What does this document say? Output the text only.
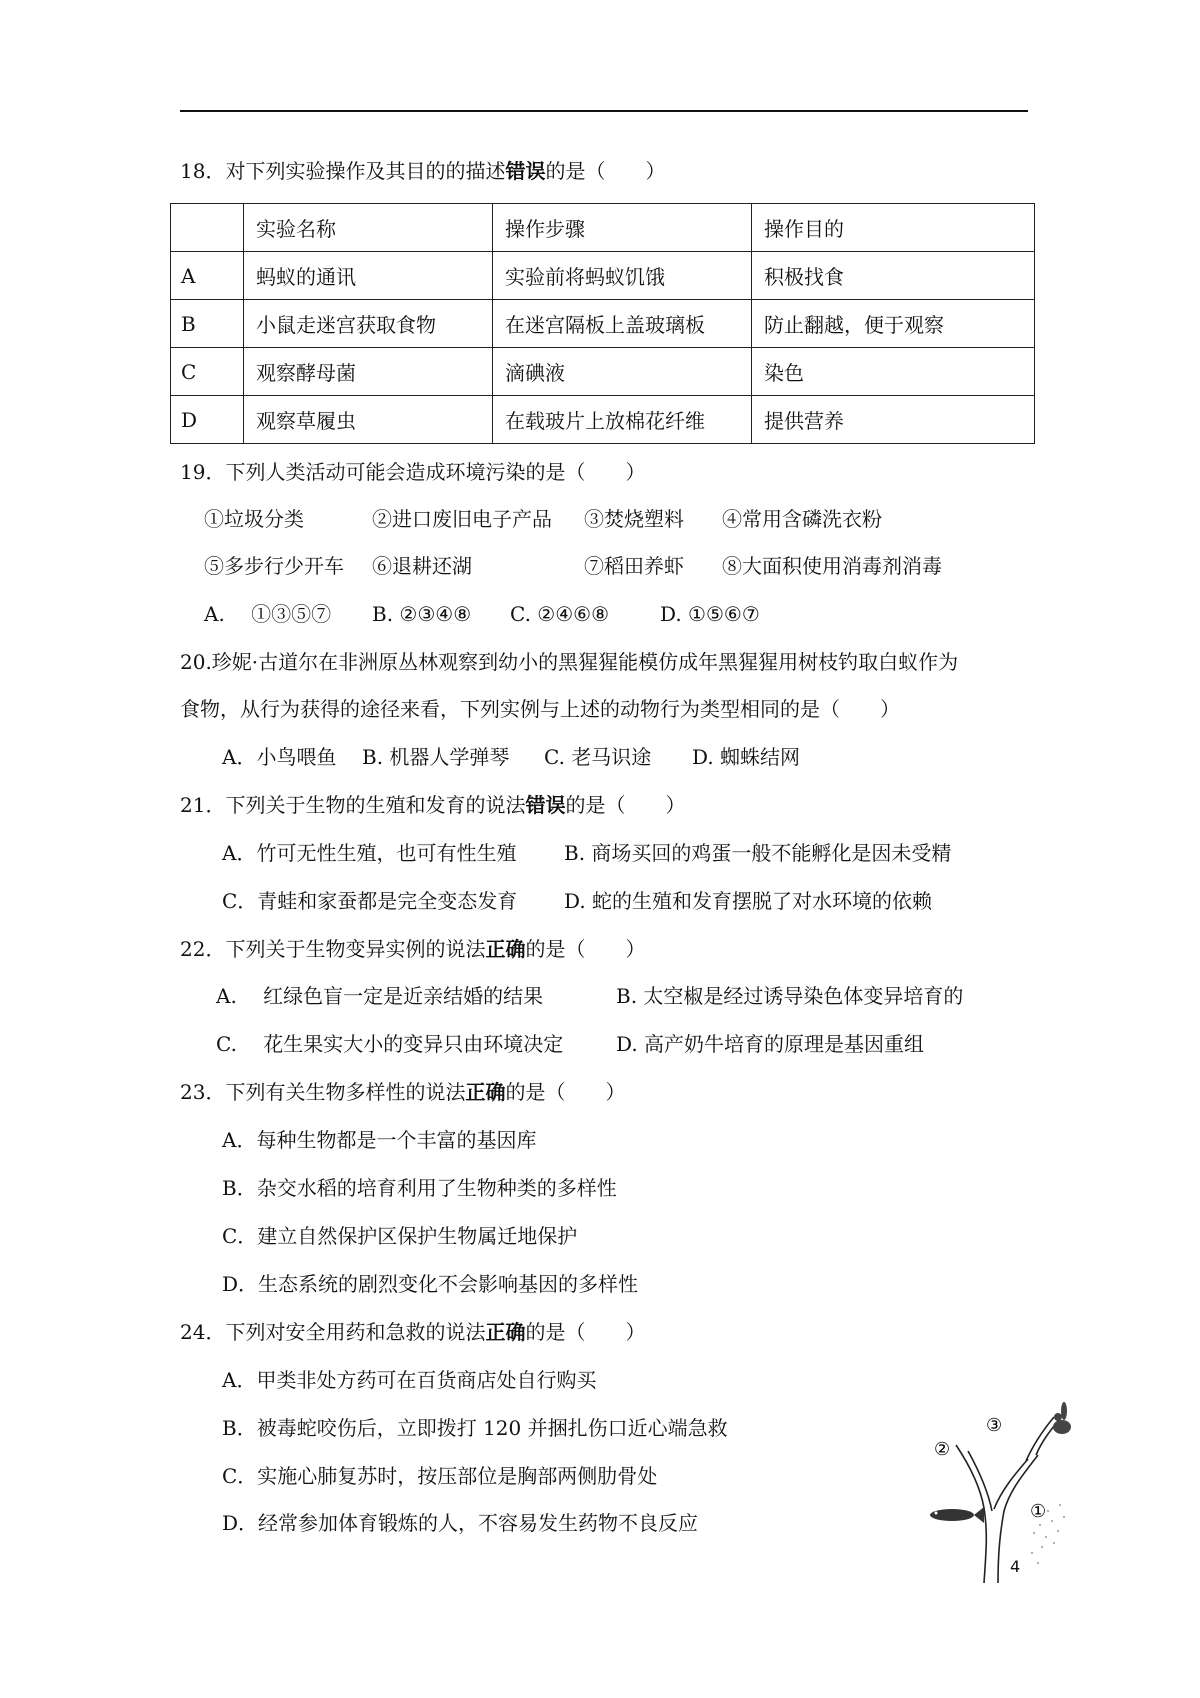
18．对下列实验操作及其目的的描述错误的是（　　）
	实验名称	操作步骤	操作目的
A	蚂蚁的通讯	实验前将蚂蚁饥饿	积极找食
B	小鼠走迷宫获取食物	在迷宫隔板上盖玻璃板	防止翻越，便于观察
C	观察酵母菌	滴碘液	染色
D	观察草履虫	在载玻片上放棉花纤维	提供营养
19．下列人类活动可能会造成环境污染的是（　　）
①垃圾分类	②进口废旧电子产品 ③焚烧塑料 ④常用含磷洗衣粉
⑤多步行少开车 ⑥退耕还湖	⑦稻田养虾 ⑧大面积使用消毒剂消毒
A.　 ①③⑤⑦ B. ②③④⑧ C. ②④⑥⑧	D. ①⑤⑥⑦
20.珍妮·古道尔在非洲原丛林观察到幼小的黑猩猩能模仿成年黑猩猩用树枝钓取白蚁作为
食物，从行为获得的途径来看，下列实例与上述的动物行为类型相同的是（　　）
A．小鸟喂鱼 B. 机器人学弹琴 C. 老马识途 D. 蜘蛛结网
21．下列关于生物的生殖和发育的说法错误的是（　　）
A．竹可无性生殖，也可有性生殖 B. 商场买回的鸡蛋一般不能孵化是因未受精
C．青蛙和家蚕都是完全变态发育 D. 蛇的生殖和发育摆脱了对水环境的依赖
22．下列关于生物变异实例的说法正确的是（　　）
A.　 红绿色盲一定是近亲结婚的结果	B. 太空椒是经过诱导染色体变异培育的
C.　 花生果实大小的变异只由环境决定	D. 高产奶牛培育的原理是基因重组
23．下列有关生物多样性的说法正确的是（　　）
A．每种生物都是一个丰富的基因库
B．杂交水稻的培育利用了生物种类的多样性
C．建立自然保护区保护生物属迁地保护
D．生态系统的剧烈变化不会影响基因的多样性
24．下列对安全用药和急救的说法正确的是（　　）
A．甲类非处方药可在百货商店处自行购买
B．被毒蛇咬伤后，立即拨打 120 并捆扎伤口近心端急救
C．实施心肺复苏时，按压部位是胸部两侧肋骨处
D．经常参加体育锻炼的人，不容易发生药物不良反应
②
③
①
4
